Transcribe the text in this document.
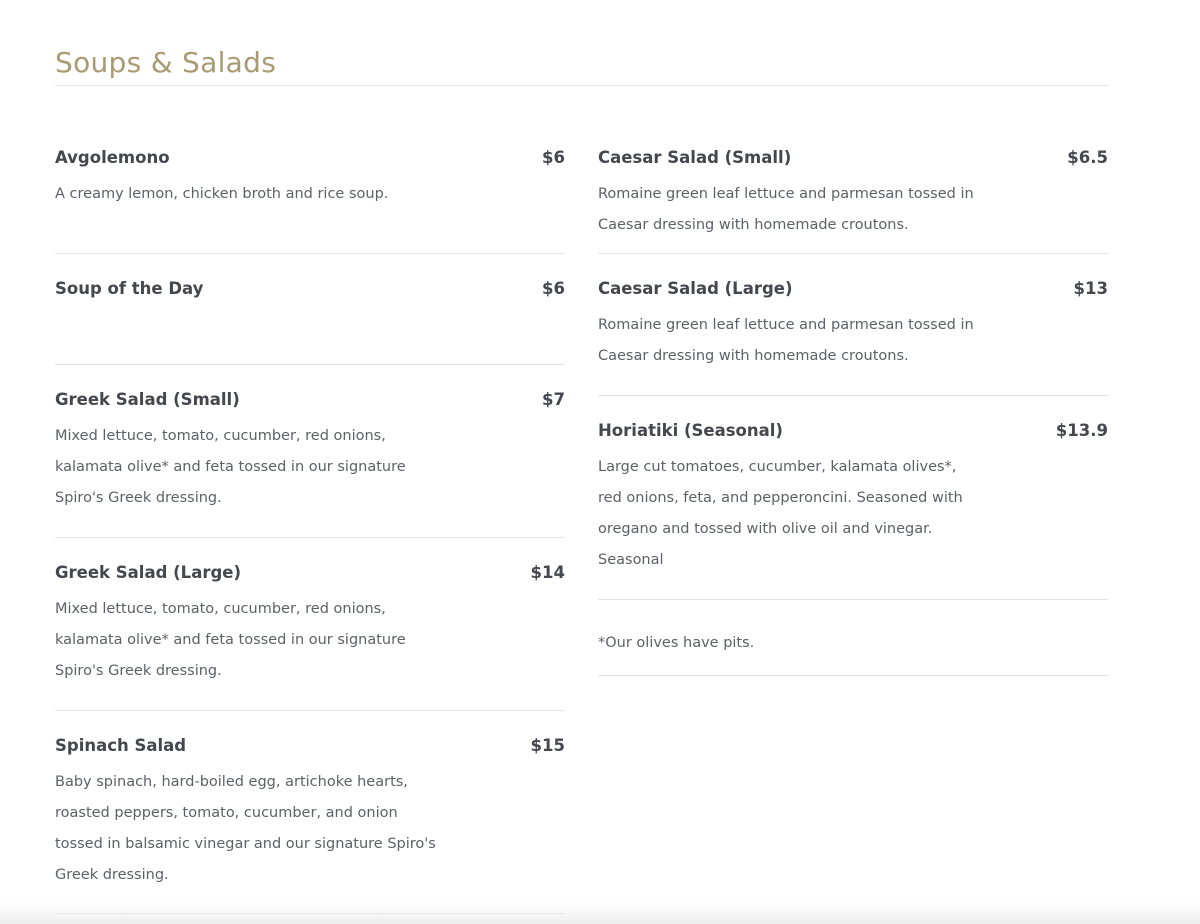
Soups & Salads
Avgolemono	$6

A creamy lemon, chicken broth and rice soup.

Soup of the Day	$6
Greek Salad (Small)	$7

Mixed lettuce, tomato, cucumber, red onions,
kalamata olive* and feta tossed in our signature
Spiro's Greek dressing.

Greek Salad (Large)	$14

Mixed lettuce, tomato, cucumber, red onions,
kalamata olive* and feta tossed in our signature
Spiro's Greek dressing.

Spinach Salad	$15

Baby spinach, hard-boiled egg, artichoke hearts,
roasted peppers, tomato, cucumber, and onion
tossed in balsamic vinegar and our signature Spiro's
Greek dressing.

Caesar Salad (Small)	$6.5

Romaine green leaf lettuce and parmesan tossed in
Caesar dressing with homemade croutons.

Caesar Salad (Large)	$13

Romaine green leaf lettuce and parmesan tossed in
Caesar dressing with homemade croutons.

Horiatiki (Seasonal)	$13.9

Large cut tomatoes, cucumber, kalamata olives*,
red onions, feta, and pepperoncini. Seasoned with
oregano and tossed with olive oil and vinegar.
Seasonal

*Our olives have pits.
